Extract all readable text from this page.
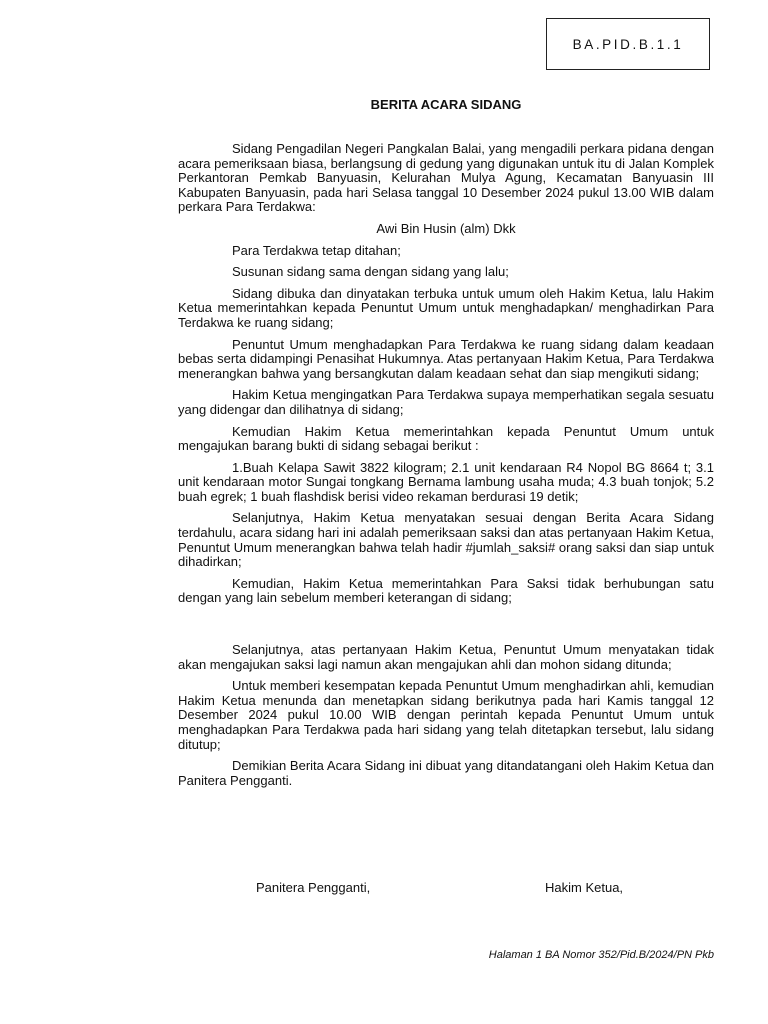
BA.PID.B.1.1
BERITA ACARA SIDANG

Sidang Pengadilan Negeri Pangkalan Balai, yang mengadili perkara pidana dengan acara pemeriksaan biasa, berlangsung di gedung yang digunakan untuk itu di Jalan Komplek Perkantoran Pemkab Banyuasin, Kelurahan Mulya Agung, Kecamatan Banyuasin III Kabupaten Banyuasin, pada hari Selasa tanggal 10 Desember 2024 pukul 13.00 WIB dalam perkara Para Terdakwa:

Awi Bin Husin (alm) Dkk

Para Terdakwa tetap ditahan;

Susunan sidang sama dengan sidang yang lalu;

Sidang dibuka dan dinyatakan terbuka untuk umum oleh Hakim Ketua, lalu Hakim Ketua memerintahkan kepada Penuntut Umum untuk menghadapkan/ menghadirkan Para Terdakwa ke ruang sidang;

Penuntut Umum menghadapkan Para Terdakwa ke ruang sidang dalam keadaan bebas serta didampingi Penasihat Hukumnya. Atas pertanyaan Hakim Ketua, Para Terdakwa menerangkan bahwa yang bersangkutan dalam keadaan sehat dan siap mengikuti sidang;

Hakim Ketua mengingatkan Para Terdakwa supaya memperhatikan segala sesuatu yang didengar dan dilihatnya di sidang;

Kemudian Hakim Ketua memerintahkan kepada Penuntut Umum untuk mengajukan barang bukti di sidang sebagai berikut :

1.Buah Kelapa Sawit 3822 kilogram; 2.1 unit kendaraan R4 Nopol BG 8664 t; 3.1 unit kendaraan motor Sungai tongkang Bernama lambung usaha muda; 4.3 buah tonjok; 5.2 buah egrek; 1 buah flashdisk berisi video rekaman berdurasi 19 detik;

Selanjutnya, Hakim Ketua menyatakan sesuai dengan Berita Acara Sidang terdahulu, acara sidang hari ini adalah pemeriksaan saksi dan atas pertanyaan Hakim Ketua, Penuntut Umum menerangkan bahwa telah hadir #jumlah_saksi# orang saksi dan siap untuk dihadirkan;

Kemudian, Hakim Ketua memerintahkan Para Saksi tidak berhubungan satu dengan yang lain sebelum memberi keterangan di sidang;

Selanjutnya, atas pertanyaan Hakim Ketua, Penuntut Umum menyatakan tidak akan mengajukan saksi lagi namun akan mengajukan ahli dan mohon sidang ditunda;

Untuk memberi kesempatan kepada Penuntut Umum menghadirkan ahli, kemudian Hakim Ketua menunda dan menetapkan sidang berikutnya pada hari Kamis tanggal 12 Desember 2024 pukul 10.00 WIB dengan perintah kepada Penuntut Umum untuk menghadapkan Para Terdakwa pada hari sidang yang telah ditetapkan tersebut, lalu sidang ditutup;

Demikian Berita Acara Sidang ini dibuat yang ditandatangani oleh Hakim Ketua dan Panitera Pengganti.

Panitera Pengganti,	Hakim Ketua,
Halaman 1 BA Nomor 352/Pid.B/2024/PN Pkb
